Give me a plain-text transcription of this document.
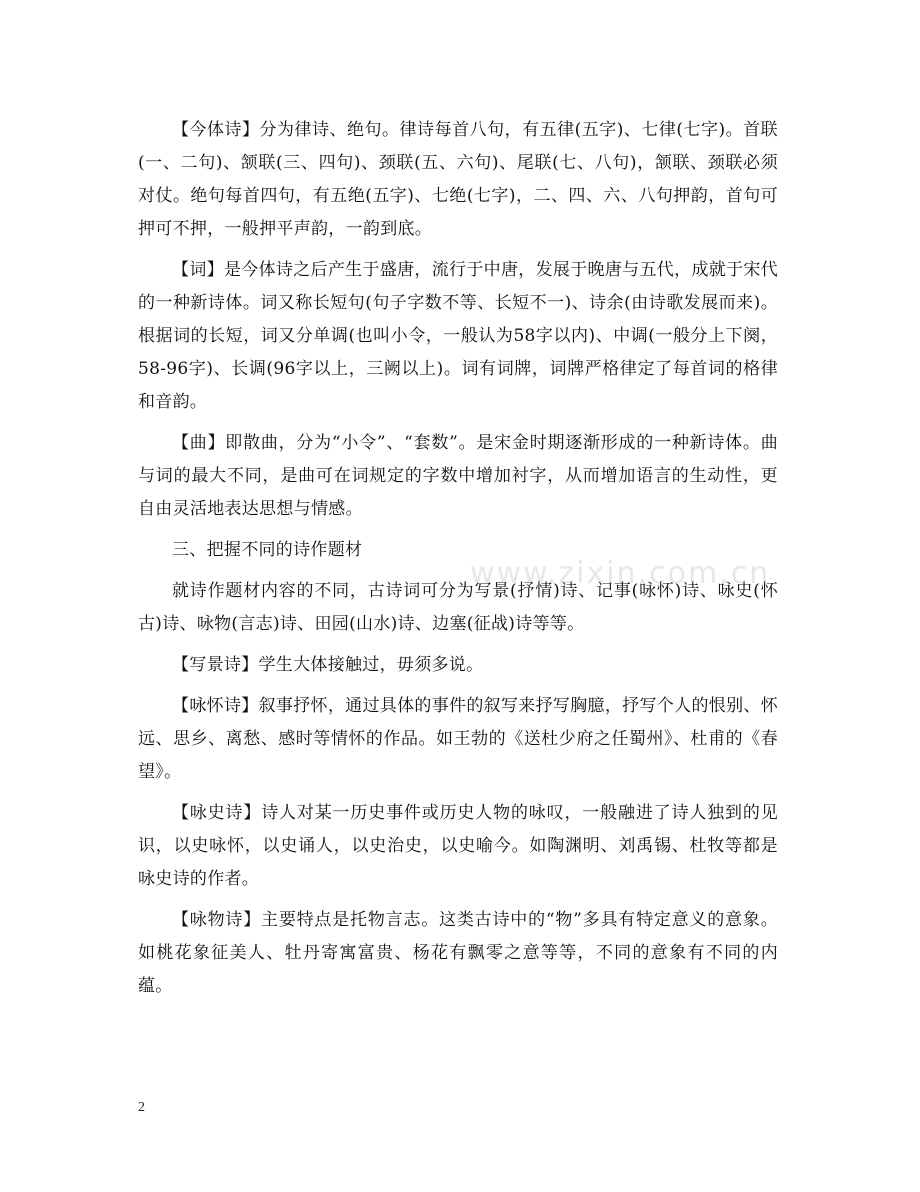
【今体诗】分为律诗、绝句。律诗每首八句，有五律(五字)、七律(七字)。首联(一、二句)、颔联(三、四句)、颈联(五、六句)、尾联(七、八句)，颔联、颈联必须对仗。绝句每首四句，有五绝(五字)、七绝(七字)，二、四、六、八句押韵，首句可押可不押，一般押平声韵，一韵到底。

【词】是今体诗之后产生于盛唐，流行于中唐，发展于晚唐与五代，成就于宋代的一种新诗体。词又称长短句(句子字数不等、长短不一)、诗余(由诗歌发展而来)。根据词的长短，词又分单调(也叫小令，一般认为58字以内)、中调(一般分上下阕，58-96字)、长调(96字以上，三阙以上)。词有词牌，词牌严格律定了每首词的格律和音韵。

【曲】即散曲，分为“小令”、“套数”。是宋金时期逐渐形成的一种新诗体。曲与词的最大不同，是曲可在词规定的字数中增加衬字，从而增加语言的生动性，更自由灵活地表达思想与情感。

三、把握不同的诗作题材

就诗作题材内容的不同，古诗词可分为写景(抒情)诗、记事(咏怀)诗、咏史(怀古)诗、咏物(言志)诗、田园(山水)诗、边塞(征战)诗等等。

【写景诗】学生大体接触过，毋须多说。

【咏怀诗】叙事抒怀，通过具体的事件的叙写来抒写胸臆，抒写个人的恨别、怀远、思乡、离愁、感时等情怀的作品。如王勃的《送杜少府之任蜀州》、杜甫的《春望》。

【咏史诗】诗人对某一历史事件或历史人物的咏叹，一般融进了诗人独到的见识，以史咏怀，以史诵人，以史治史，以史喻今。如陶渊明、刘禹锡、杜牧等都是咏史诗的作者。

【咏物诗】主要特点是托物言志。这类古诗中的“物”多具有特定意义的意象。如桃花象征美人、牡丹寄寓富贵、杨花有飘零之意等等，不同的意象有不同的内蕴。

www.zixin.com.cn
2
